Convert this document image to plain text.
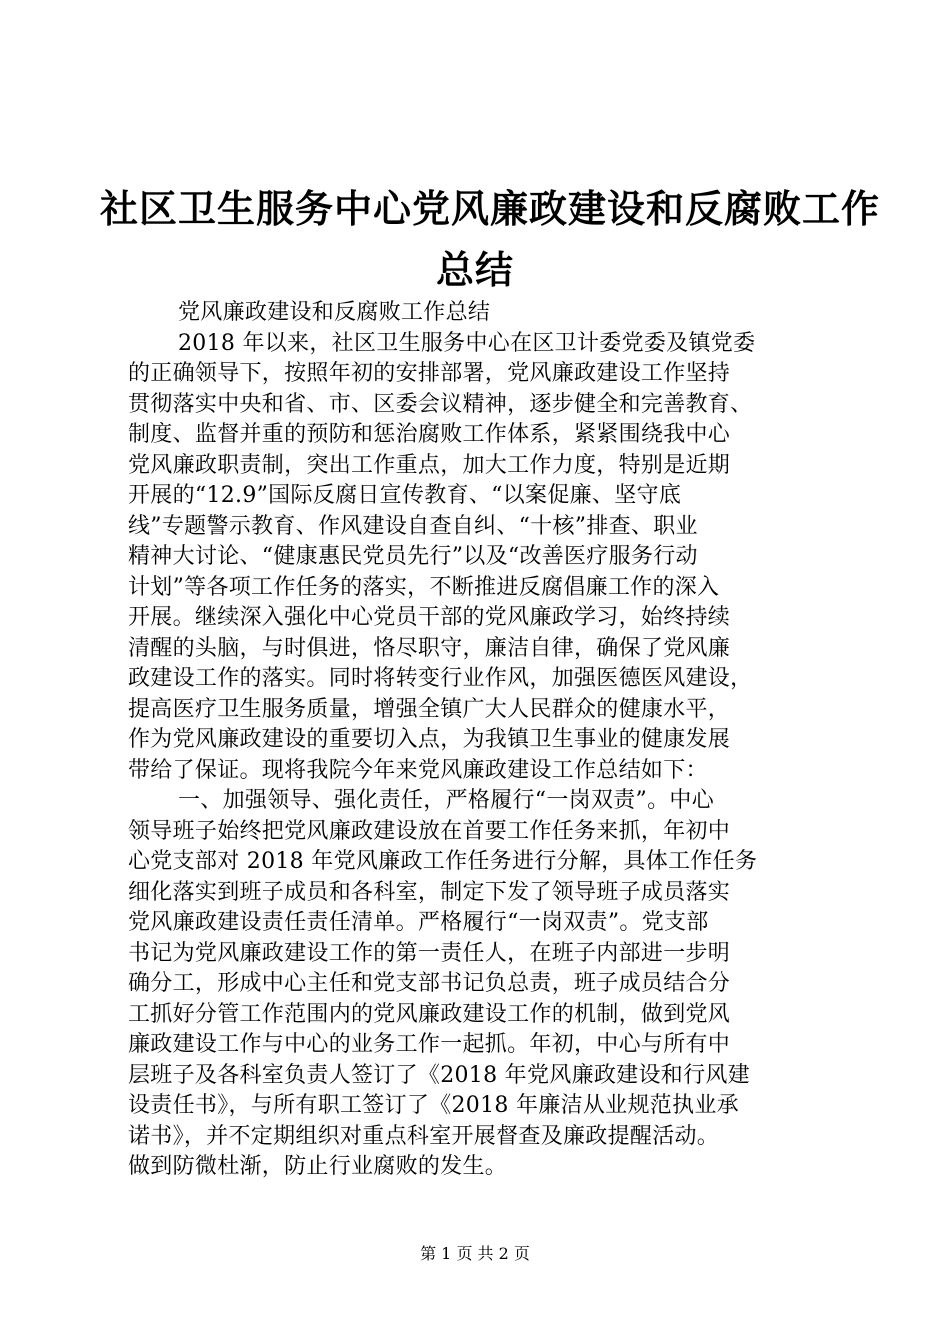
社区卫生服务中心党风廉政建设和反腐败工作
总结
党风廉政建设和反腐败工作总结
2018 年以来，社区卫生服务中心在区卫计委党委及镇党委
的正确领导下，按照年初的安排部署，党风廉政建设工作坚持
贯彻落实中央和省、市、区委会议精神，逐步健全和完善教育、
制度、监督并重的预防和惩治腐败工作体系，紧紧围绕我中心
党风廉政职责制，突出工作重点，加大工作力度，特别是近期
开展的“12.9”国际反腐日宣传教育、“以案促廉、坚守底
线”专题警示教育、作风建设自查自纠、“十核”排查、职业
精神大讨论、“健康惠民党员先行”以及“改善医疗服务行动
计划”等各项工作任务的落实，不断推进反腐倡廉工作的深入
开展。继续深入强化中心党员干部的党风廉政学习，始终持续
清醒的头脑，与时俱进，恪尽职守，廉洁自律，确保了党风廉
政建设工作的落实。同时将转变行业作风，加强医德医风建设，
提高医疗卫生服务质量，增强全镇广大人民群众的健康水平，
作为党风廉政建设的重要切入点，为我镇卫生事业的健康发展
带给了保证。现将我院今年来党风廉政建设工作总结如下：
一、加强领导、强化责任，严格履行“一岗双责”。中心
领导班子始终把党风廉政建设放在首要工作任务来抓，年初中
心党支部对 2018 年党风廉政工作任务进行分解，具体工作任务
细化落实到班子成员和各科室，制定下发了领导班子成员落实
党风廉政建设责任责任清单。严格履行“一岗双责”。党支部
书记为党风廉政建设工作的第一责任人，在班子内部进一步明
确分工，形成中心主任和党支部书记负总责，班子成员结合分
工抓好分管工作范围内的党风廉政建设工作的机制，做到党风
廉政建设工作与中心的业务工作一起抓。年初，中心与所有中
层班子及各科室负责人签订了《2018 年党风廉政建设和行风建
设责任书》，与所有职工签订了《2018 年廉洁从业规范执业承
诺书》，并不定期组织对重点科室开展督查及廉政提醒活动。
做到防微杜渐，防止行业腐败的发生。
第 1 页 共 2 页
